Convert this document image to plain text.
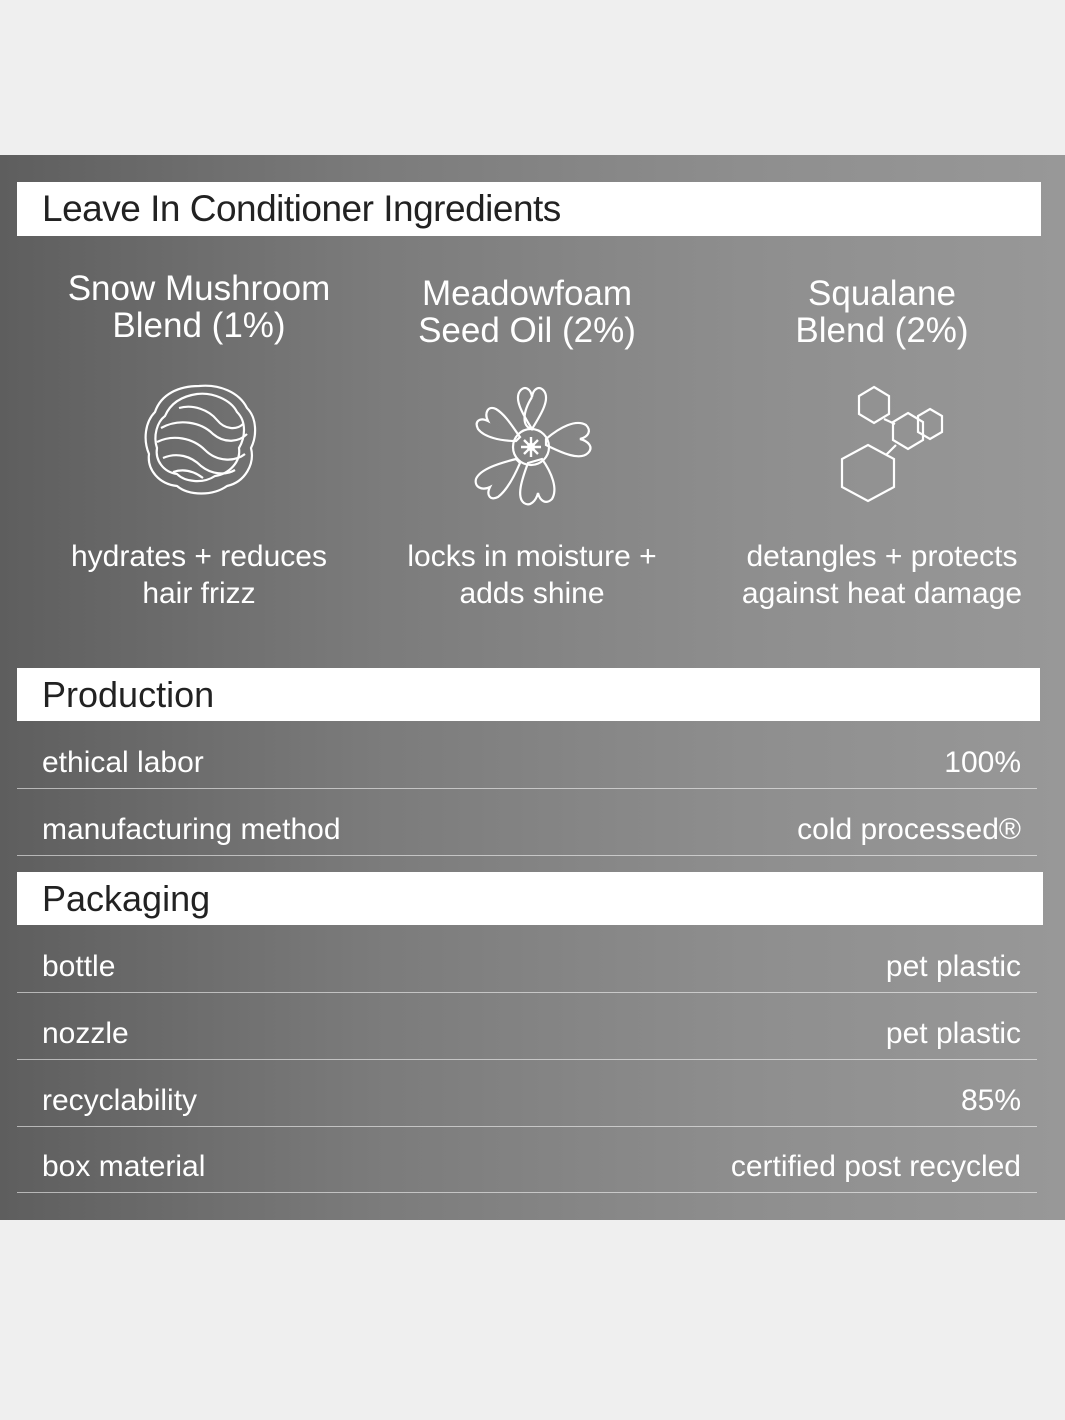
Leave In Conditioner Ingredients
Snow Mushroom
Blend (1%)
hydrates + reduces
hair frizz
Meadowfoam
Seed Oil (2%)
locks in moisture +
adds shine
Squalane
Blend (2%)
detangles + protects
against heat damage
Production
ethical labor	100%
manufacturing method	cold processed®
Packaging
bottle	pet plastic
nozzle	pet plastic
recyclability	85%
box material	certified post recycled
